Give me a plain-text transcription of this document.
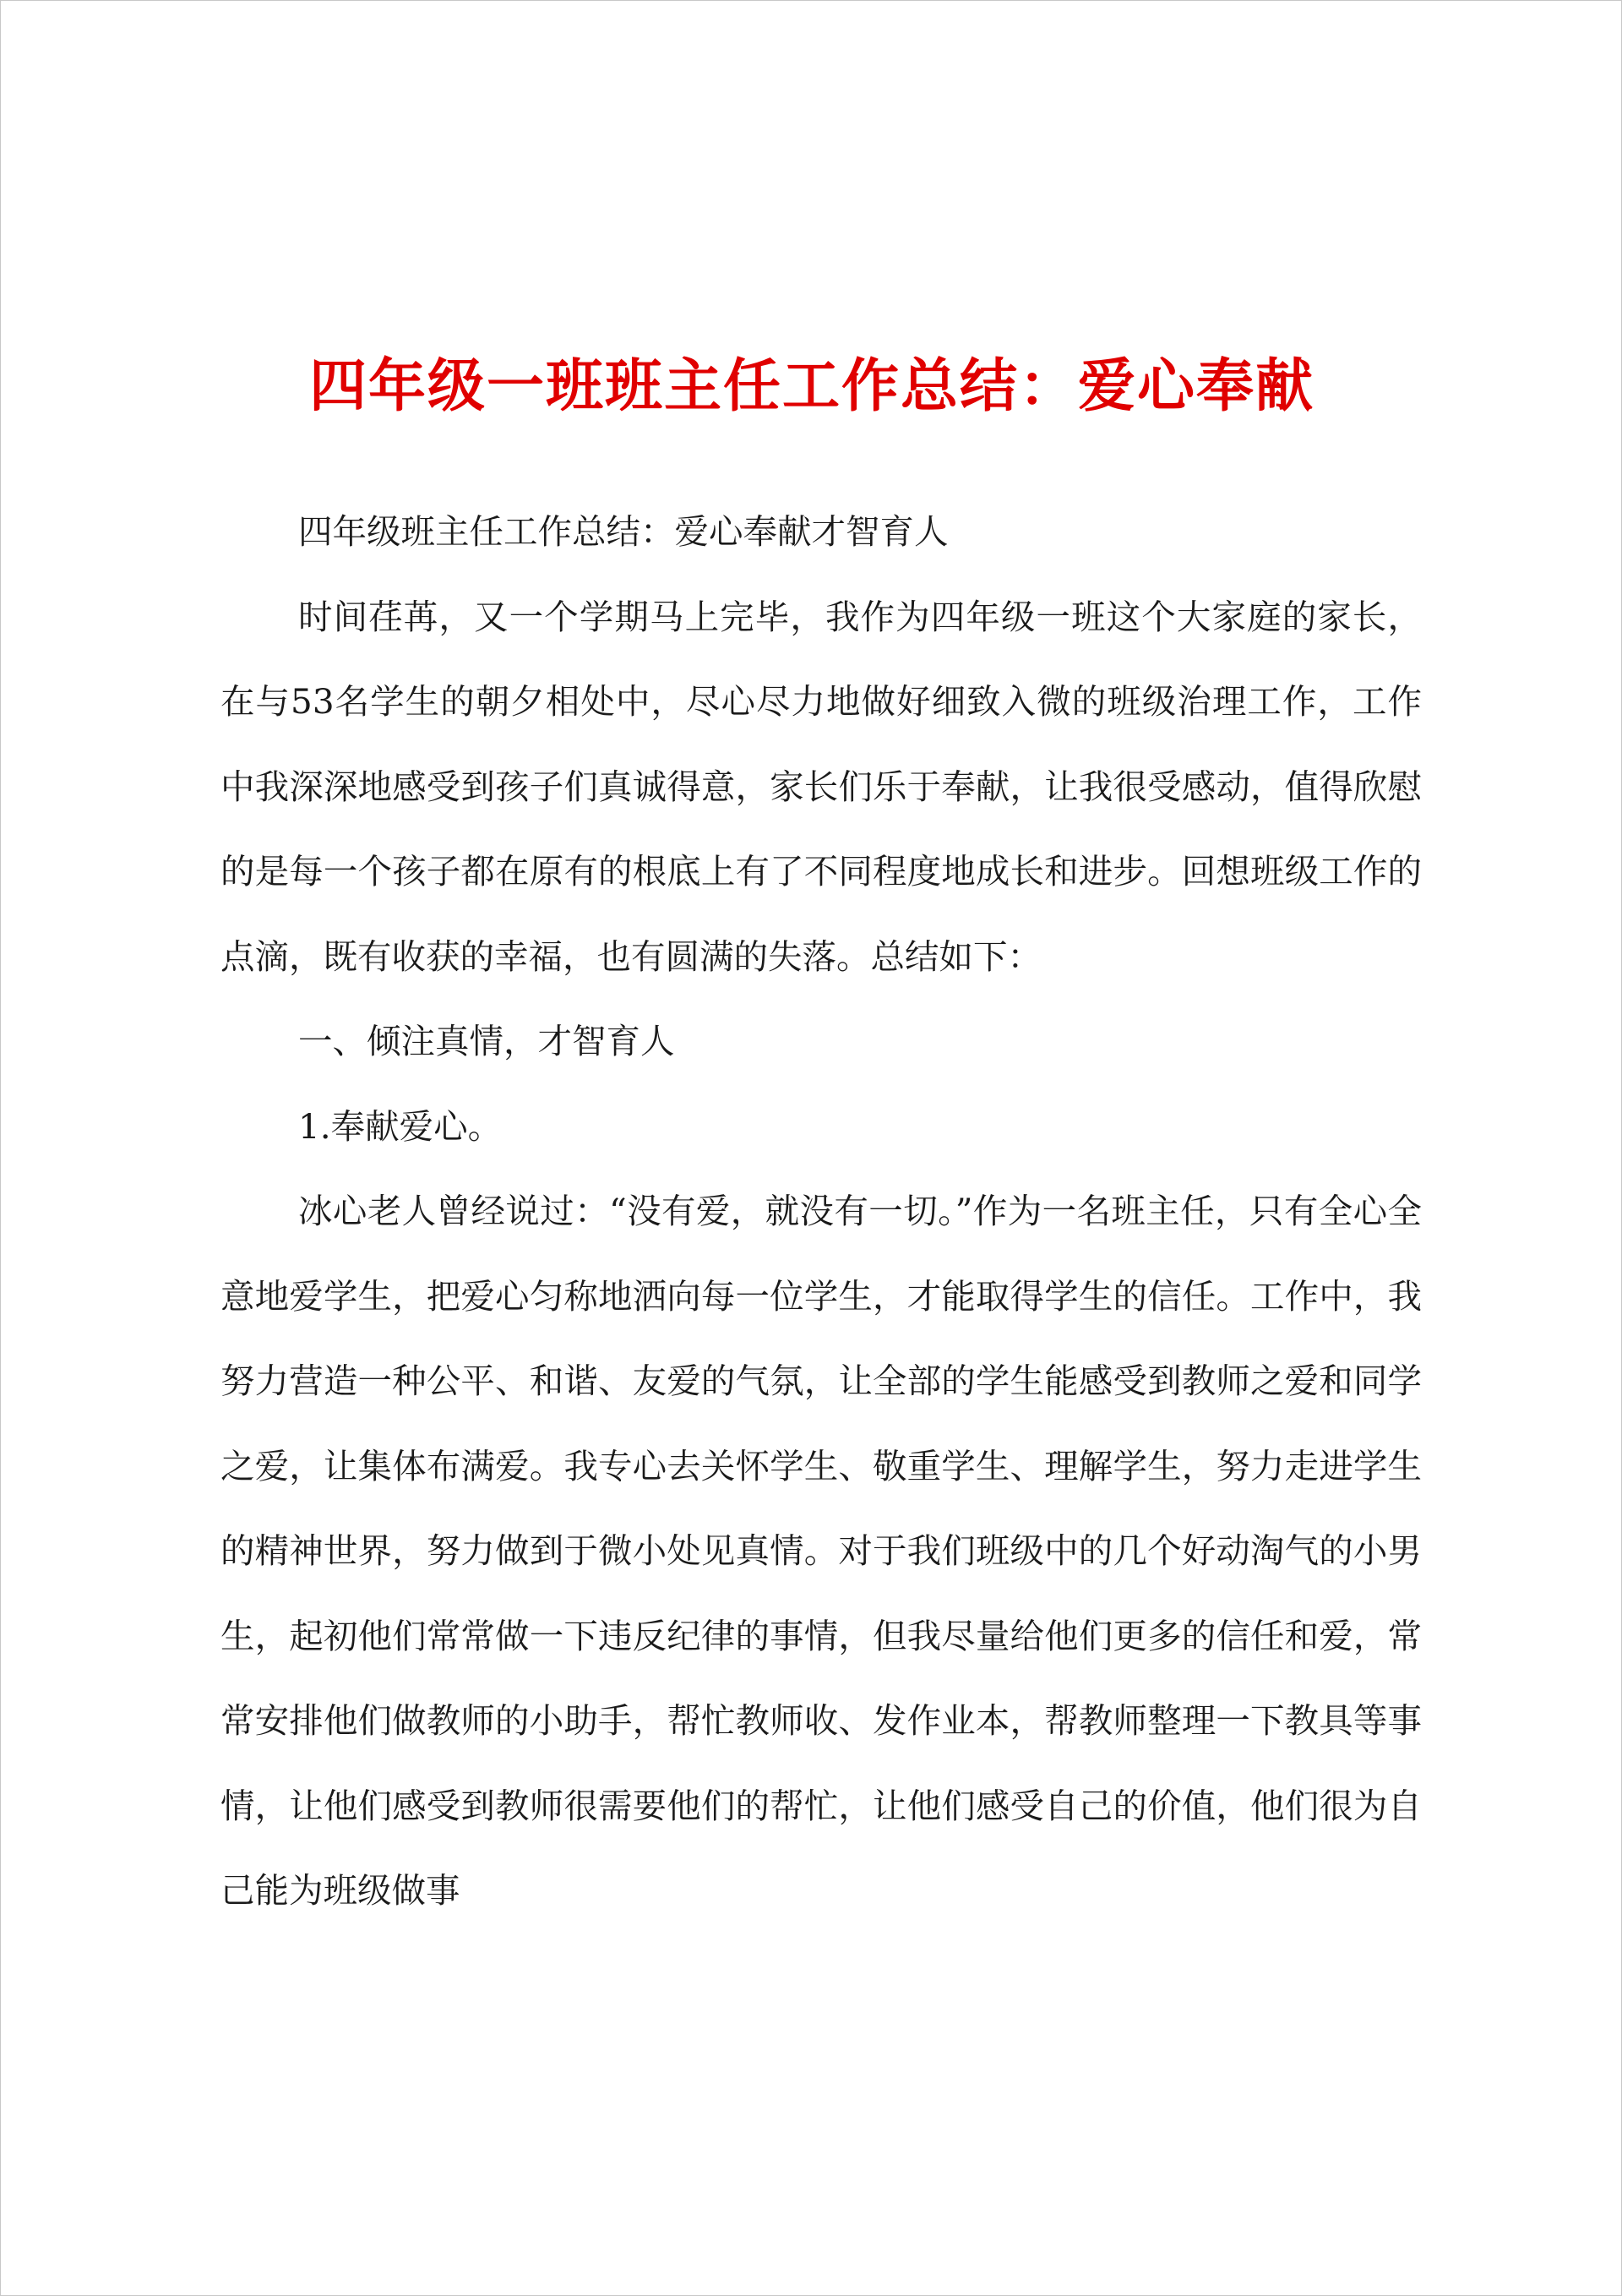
四年级一班班主任工作总结：爱心奉献

四年级班主任工作总结：爱心奉献才智育人

时间荏苒，又一个学期马上完毕，我作为四年级一班这个大家庭的家长，在与53名学生的朝夕相处中，尽心尽力地做好细致入微的班级治理工作，工作中我深深地感受到孩子们真诚得意，家长们乐于奉献，让我很受感动，值得欣慰的是每一个孩子都在原有的根底上有了不同程度地成长和进步。回想班级工作的点滴，既有收获的幸福，也有圆满的失落。总结如下：

一、倾注真情，才智育人

1.奉献爱心。

冰心老人曾经说过：“没有爱，就没有一切。”作为一名班主任，只有全心全意地爱学生，把爱心匀称地洒向每一位学生，才能取得学生的信任。工作中，我努力营造一种公平、和谐、友爱的气氛，让全部的学生能感受到教师之爱和同学之爱，让集体布满爱。我专心去关怀学生、敬重学生、理解学生，努力走进学生的精神世界，努力做到于微小处见真情。对于我们班级中的几个好动淘气的小男生，起初他们常常做一下违反纪律的事情，但我尽量给他们更多的信任和爱，常常安排他们做教师的小助手，帮忙教师收、发作业本，帮教师整理一下教具等事情，让他们感受到教师很需要他们的帮忙，让他们感受自己的价值，他们很为自己能为班级做事
